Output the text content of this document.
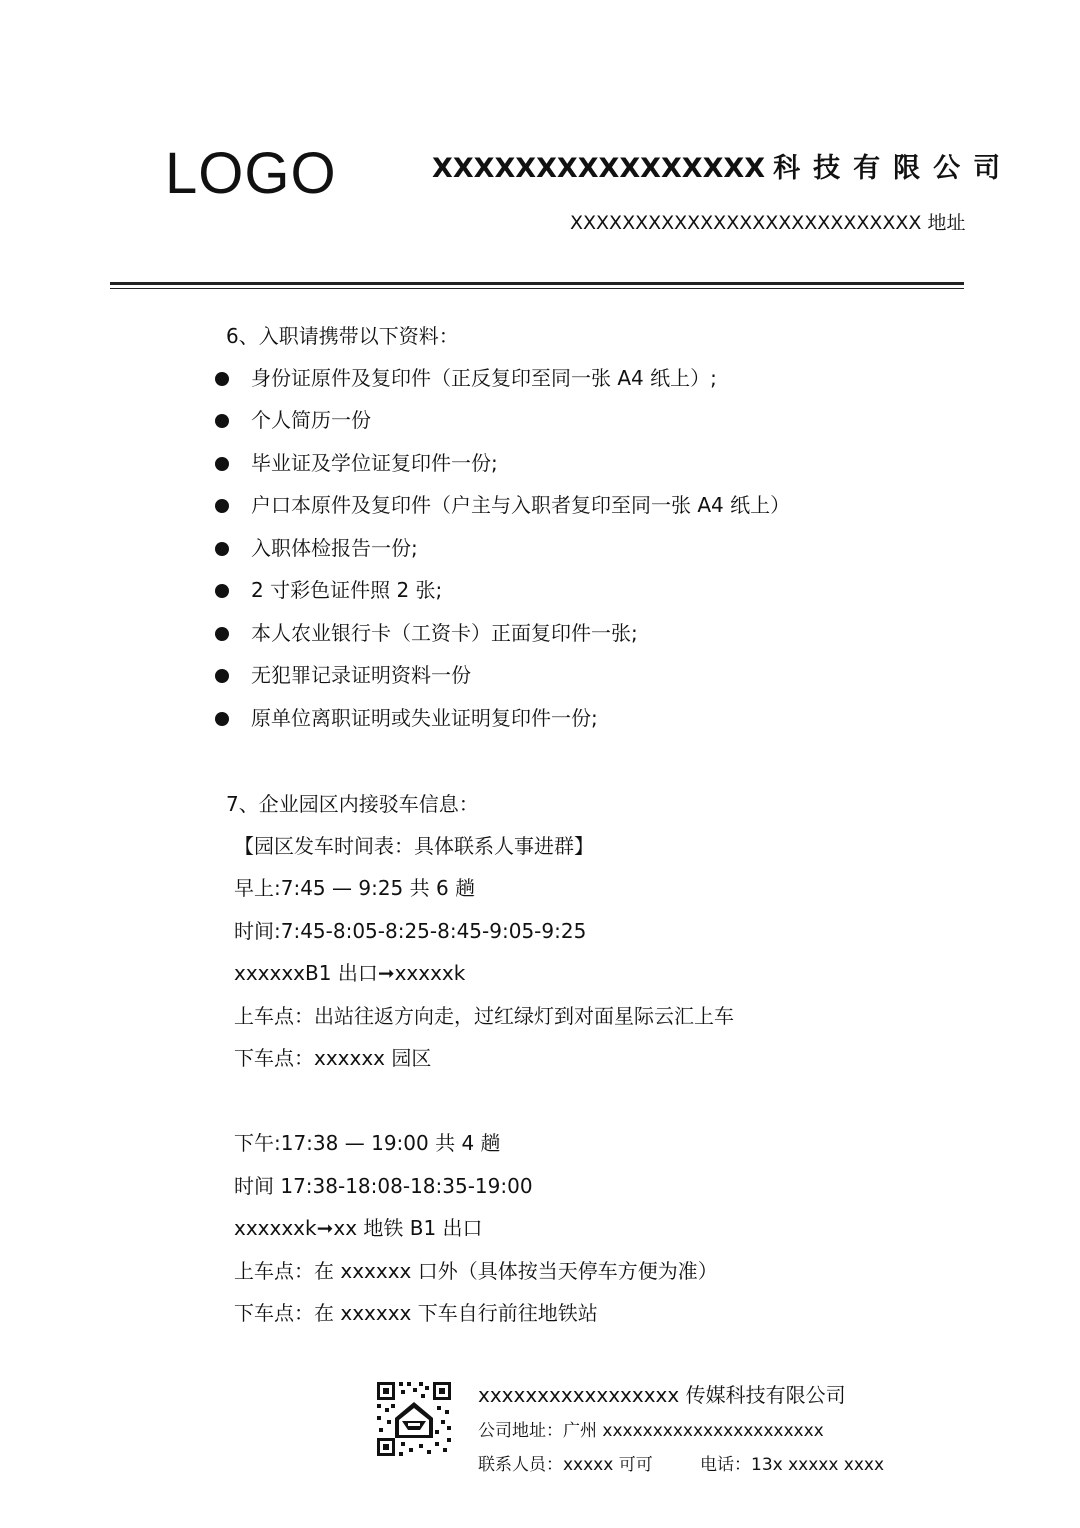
LOGO	XXXXXXXXXXXXXXXX 科技有限公司
XXXXXXXXXXXXXXXXXXXXXXXXXXX 地址
6、入职请携带以下资料：
身份证原件及复印件（正反复印至同一张 A4 纸上）;
个人简历一份
毕业证及学位证复印件一份;
户口本原件及复印件（户主与入职者复印至同一张 A4 纸上）
入职体检报告一份;
2 寸彩色证件照 2 张;
本人农业银行卡（工资卡）正面复印件一张;
无犯罪记录证明资料一份
原单位离职证明或失业证明复印件一份;
7、企业园区内接驳车信息：
【园区发车时间表：具体联系人事进群】
早上:7:45 — 9:25 共 6 趟
时间:7:45-8:05-8:25-8:45-9:05-9:25
xxxxxxB1 出口➞xxxxxk
上车点：出站往返方向走，过红绿灯到对面星际云汇上车
下车点：xxxxxx 园区
下午:17:38 — 19:00 共 4 趟
时间 17:38-18:08-18:35-19:00
xxxxxxk➞xx 地铁 B1 出口
上车点：在 xxxxxx 口外（具体按当天停车方便为准）
下车点：在 xxxxxx 下车自行前往地铁站
xxxxxxxxxxxxxxxxx 传媒科技有限公司
公司地址：广州 xxxxxxxxxxxxxxxxxxxxxx
联系人员：xxxxx 可可	电话：13x xxxxx xxxx
